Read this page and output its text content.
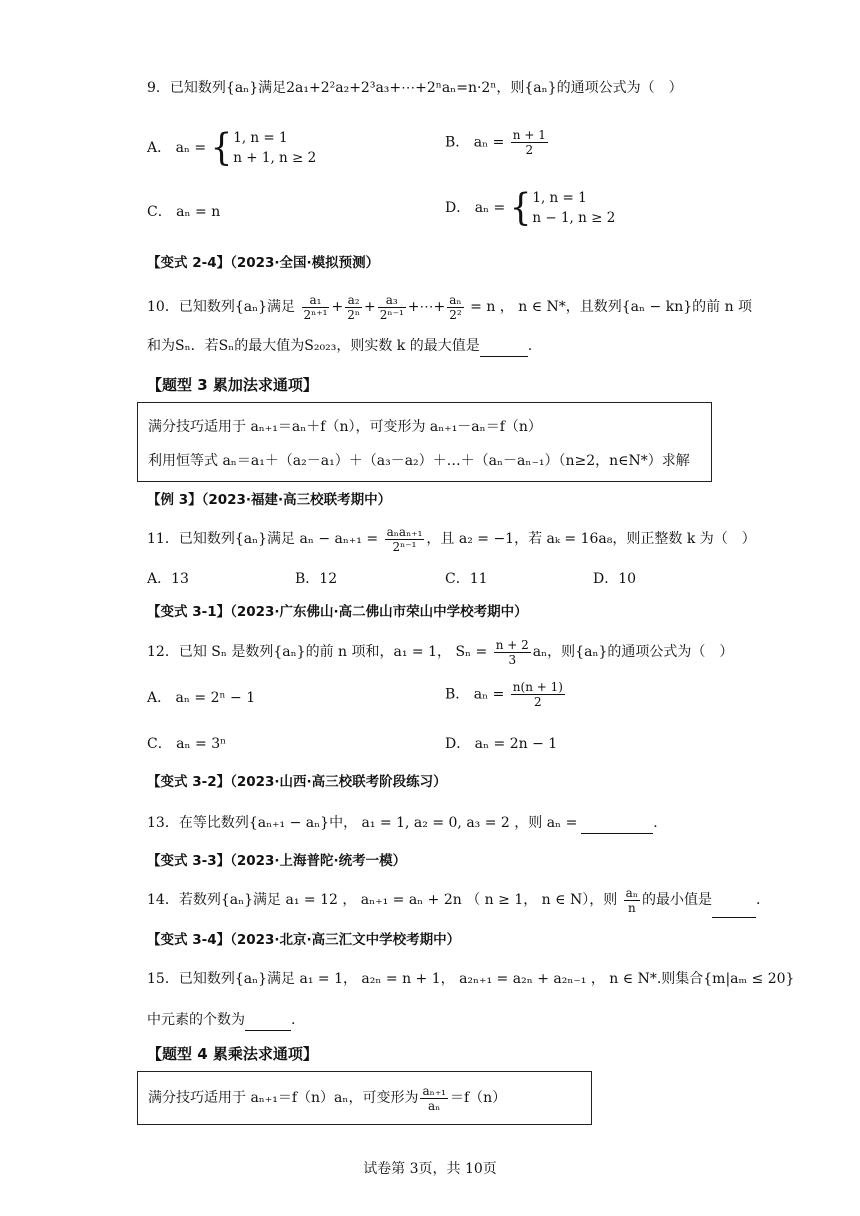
9．已知数列{aₙ}满足2a₁+2²a₂+2³a₃+⋯+2ⁿaₙ=n·2ⁿ，则{aₙ}的通项公式为（　）
A． aₙ = {1, n = 1
n + 1, n ≥ 2
B． $a_n = \frac{n + 1}{2}$
C． aₙ = n	D． aₙ = {1, n = 1
n − 1, n ≥ 2
【变式 2-4】（2023·全国·模拟预测）
10．已知数列{aₙ}满足 $\frac{\text{a₁}}{\text{2ⁿ⁺¹}} + \frac{\text{a₂}}{\text{2ⁿ}} + \frac{\text{a₃}}{\text{2ⁿ⁻¹}}$ +⋯+ $\frac{\text{aₙ}}{\text{2²}} = n$ ， n ∈ N*，且数列{aₙ − kn}的前 n 项
和为Sₙ．若Sₙ的最大值为S₂₀₂₃，则实数 k 的最大值是	.
【题型 3 累加法求通项】
满分技巧适用于 aₙ₊₁＝aₙ＋f（n），可变形为 aₙ₊₁－aₙ＝f（n）
利用恒等式 aₙ＝a₁＋（a₂－a₁）＋（a₃－a₂）＋…＋（aₙ－aₙ₋₁）（n≥2，n∈N*）求解
【例 3】（2023·福建·高三校联考期中）
11．已知数列{aₙ}满足 $a_n - a_{n+1} = \frac{\text{aₙaₙ₊₁}}{\text{2ⁿ⁻¹}}$ ，且 a₂ = −1，若 aₖ = 16a₈，则正整数 k 为（　）
A．13	B．12	C．11	D．10
【变式 3-1】（2023·广东佛山·高二佛山市荣山中学校考期中）
12．已知 Sₙ 是数列{aₙ}的前 n 项和，a₁ = 1， $S_n = \frac{n + 2}{3}$ aₙ，则{aₙ}的通项公式为（　）
A． aₙ = 2ⁿ − 1	B． $a_n = \frac{n(n + 1)}{2}$
C． aₙ = 3ⁿ	D． aₙ = 2n − 1
【变式 3-2】（2023·山西·高三校联考阶段练习）
13．在等比数列{aₙ₊₁ − aₙ}中， a₁ = 1, a₂ = 0, a₃ = 2 ，则 aₙ =	.
【变式 3-3】（2023·上海普陀·统考一模）
14．若数列{aₙ}满足 a₁ = 12 ， aₙ₊₁ = aₙ + 2n （ n ≥ 1， n ∈ N），则 $\frac{\text{aₙ}}{n}$ 的最小值是	.
【变式 3-4】（2023·北京·高三汇文中学校考期中）
15．已知数列{aₙ}满足 a₁ = 1， a₂ₙ = n + 1， a₂ₙ₊₁ = a₂ₙ + a₂ₙ₋₁ ， n ∈ N*.则集合{m|aₘ ≤ 20}
中元素的个数为	.
【题型 4 累乘法求通项】
满分技巧适用于 aₙ₊₁＝f（n）aₙ，可变形为 $\frac{\text{aₙ₊₁}}{\text{aₙ}} =f(n)$
试卷第 3页，共 10页
